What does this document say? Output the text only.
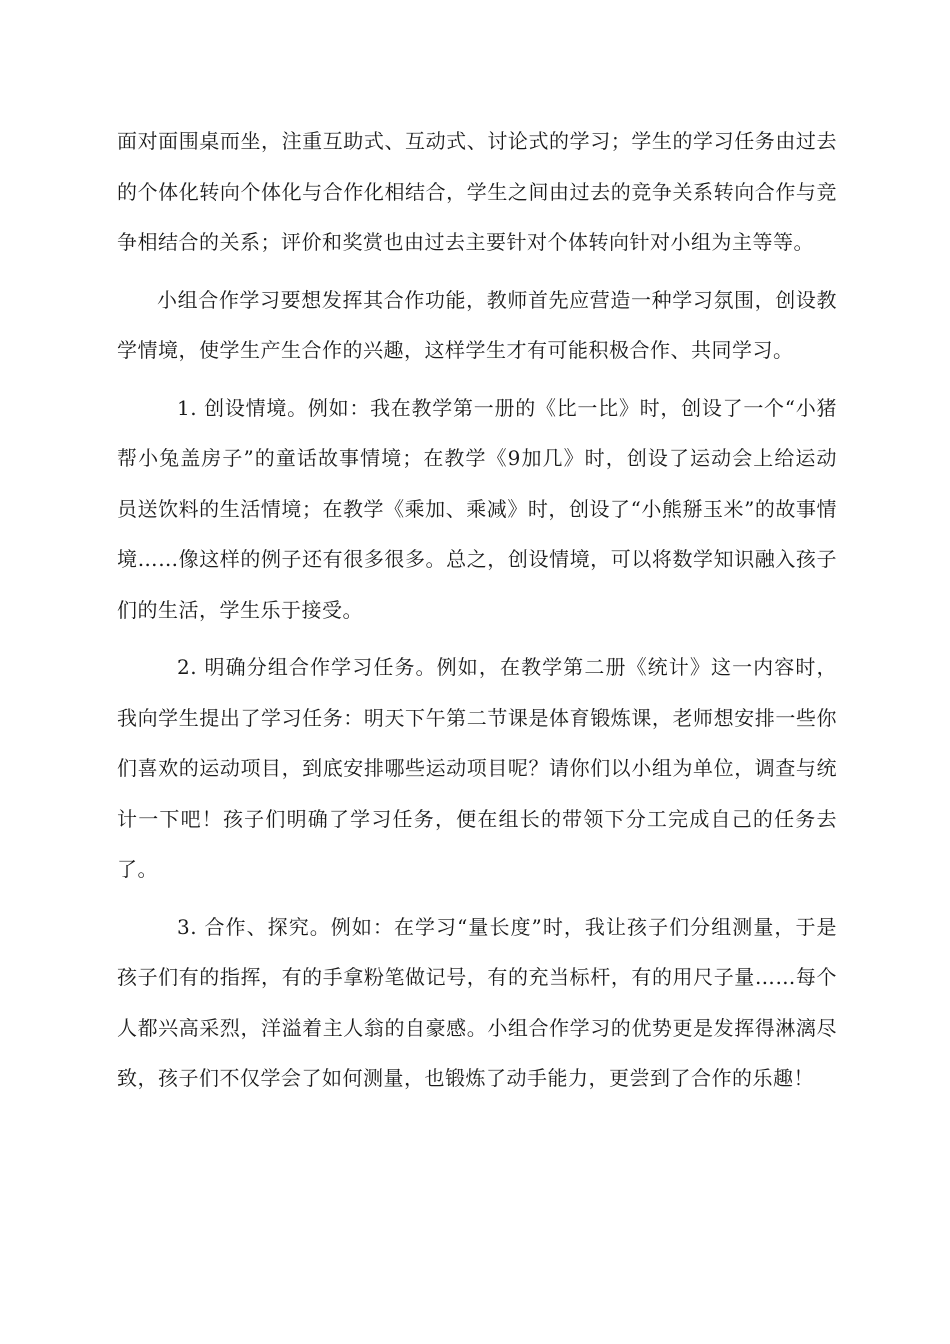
面对面围桌而坐，注重互助式、互动式、讨论式的学习；学生的学习任务由过去的个体化转向个体化与合作化相结合，学生之间由过去的竞争关系转向合作与竞争相结合的关系；评价和奖赏也由过去主要针对个体转向针对小组为主等等。

小组合作学习要想发挥其合作功能，教师首先应营造一种学习氛围，创设教学情境，使学生产生合作的兴趣，这样学生才有可能积极合作、共同学习。

1. 创设情境。例如：我在教学第一册的《比一比》时，创设了一个“小猪帮小兔盖房子”的童话故事情境；在教学《9加几》时，创设了运动会上给运动员送饮料的生活情境；在教学《乘加、乘减》时，创设了“小熊掰玉米”的故事情境……像这样的例子还有很多很多。总之，创设情境，可以将数学知识融入孩子们的生活，学生乐于接受。

2. 明确分组合作学习任务。例如，在教学第二册《统计》这一内容时，我向学生提出了学习任务：明天下午第二节课是体育锻炼课，老师想安排一些你们喜欢的运动项目，到底安排哪些运动项目呢？请你们以小组为单位，调查与统计一下吧！孩子们明确了学习任务，便在组长的带领下分工完成自己的任务去了。

3. 合作、探究。例如：在学习“量长度”时，我让孩子们分组测量，于是孩子们有的指挥，有的手拿粉笔做记号，有的充当标杆，有的用尺子量……每个人都兴高采烈，洋溢着主人翁的自豪感。小组合作学习的优势更是发挥得淋漓尽致，孩子们不仅学会了如何测量，也锻炼了动手能力，更尝到了合作的乐趣！
